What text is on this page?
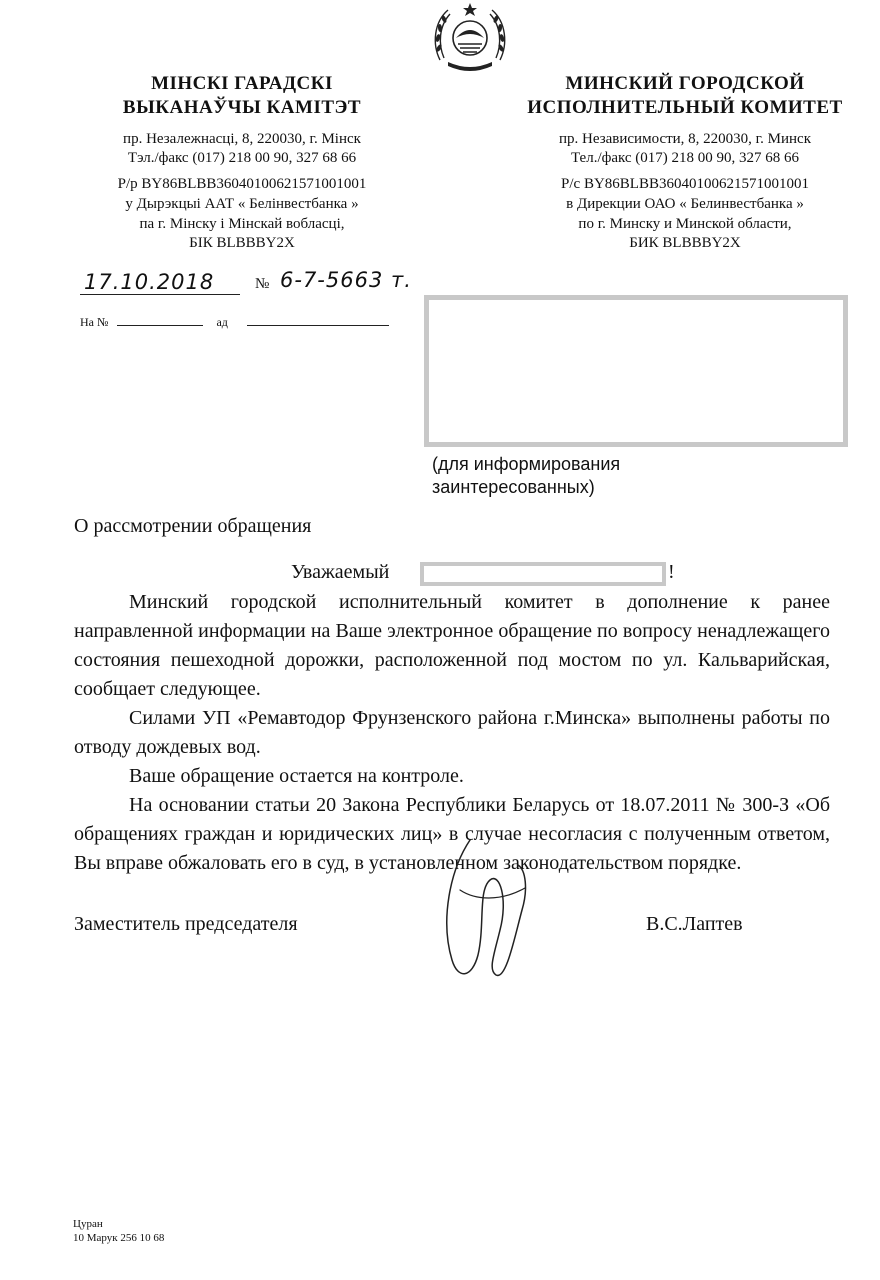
МІНСКІ ГАРАДСКІ
ВЫКАНАЎЧЫ КАМІТЭТ
пр. Незалежнасці, 8, 220030, г. Мінск
Тэл./факс (017) 218 00 90, 327 68 66
Р/р BY86BLBB36040100621571001001
у Дырэкцыі ААТ « Белінвестбанка »
па г. Мінску і Мінскай вобласці,
БІК BLBBBY2X
МИНСКИЙ ГОРОДСКОЙ
ИСПОЛНИТЕЛЬНЫЙ КОМИТЕТ
пр. Независимости, 8, 220030, г. Минск
Тел./факс (017) 218 00 90, 327 68 66
Р/с BY86BLBB36040100621571001001
в Дирекции ОАО « Белинвестбанка »
по г. Минску и Минской области,
БИК BLBBBY2X
17.10.2018	№ 6-7-5663 т.
На №	ад
(для информирования
заинтересованных)
О рассмотрении обращения
Уважаемый	!

Минский городской исполнительный комитет в дополнение к ранее направленной информации на Ваше электронное обращение по вопросу ненадлежащего состояния пешеходной дорожки, расположенной под мостом по ул. Кальварийская, сообщает следующее.

Силами УП «Ремавтодор Фрунзенского района г.Минска» выполнены работы по отводу дождевых вод.

Ваше обращение остается на контроле.

На основании статьи 20 Закона Республики Беларусь от 18.07.2011 № 300-З «Об обращениях граждан и юридических лиц» в случае несогласия с полученным ответом, Вы вправе обжаловать его в суд, в установленном законодательством порядке.

Заместитель председателя	В.С.Лаптев
Цуран
10 Марук 256 10 68
